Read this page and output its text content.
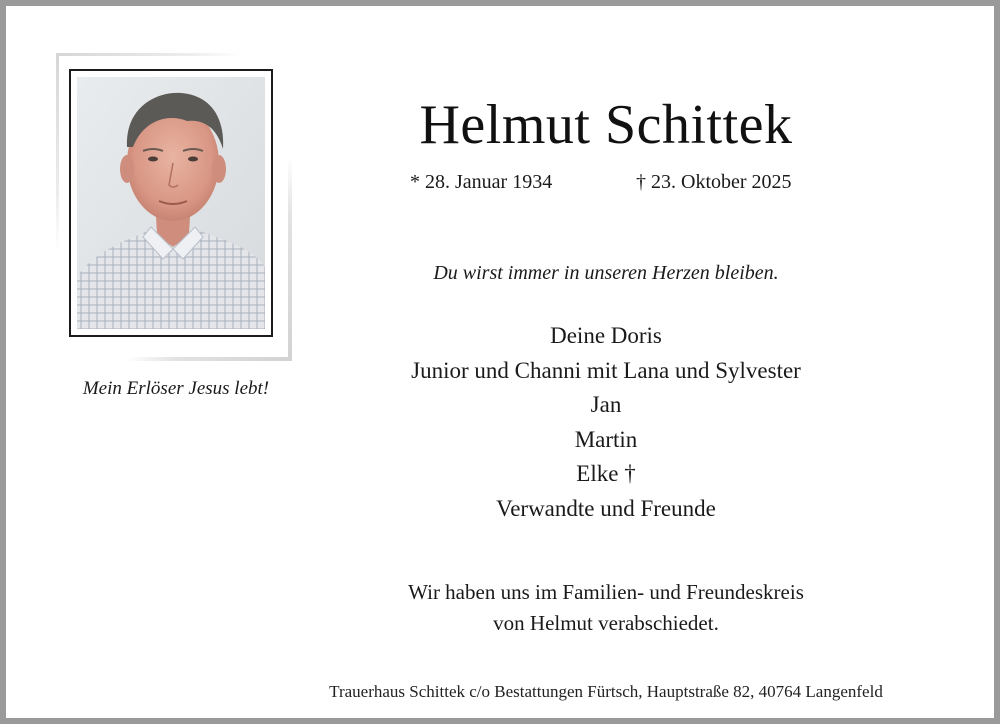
Mein Erlöser Jesus lebt!
Helmut Schittek
* 28. Januar 1934	† 23. Oktober 2025
Du wirst immer in unseren Herzen bleiben.
Deine Doris
Junior und Channi mit Lana und Sylvester
Jan
Martin
Elke †
Verwandte und Freunde
Wir haben uns im Familien- und Freundeskreis
von Helmut verabschiedet.
Trauerhaus Schittek c/o Bestattungen Fürtsch, Hauptstraße 82, 40764 Langenfeld
